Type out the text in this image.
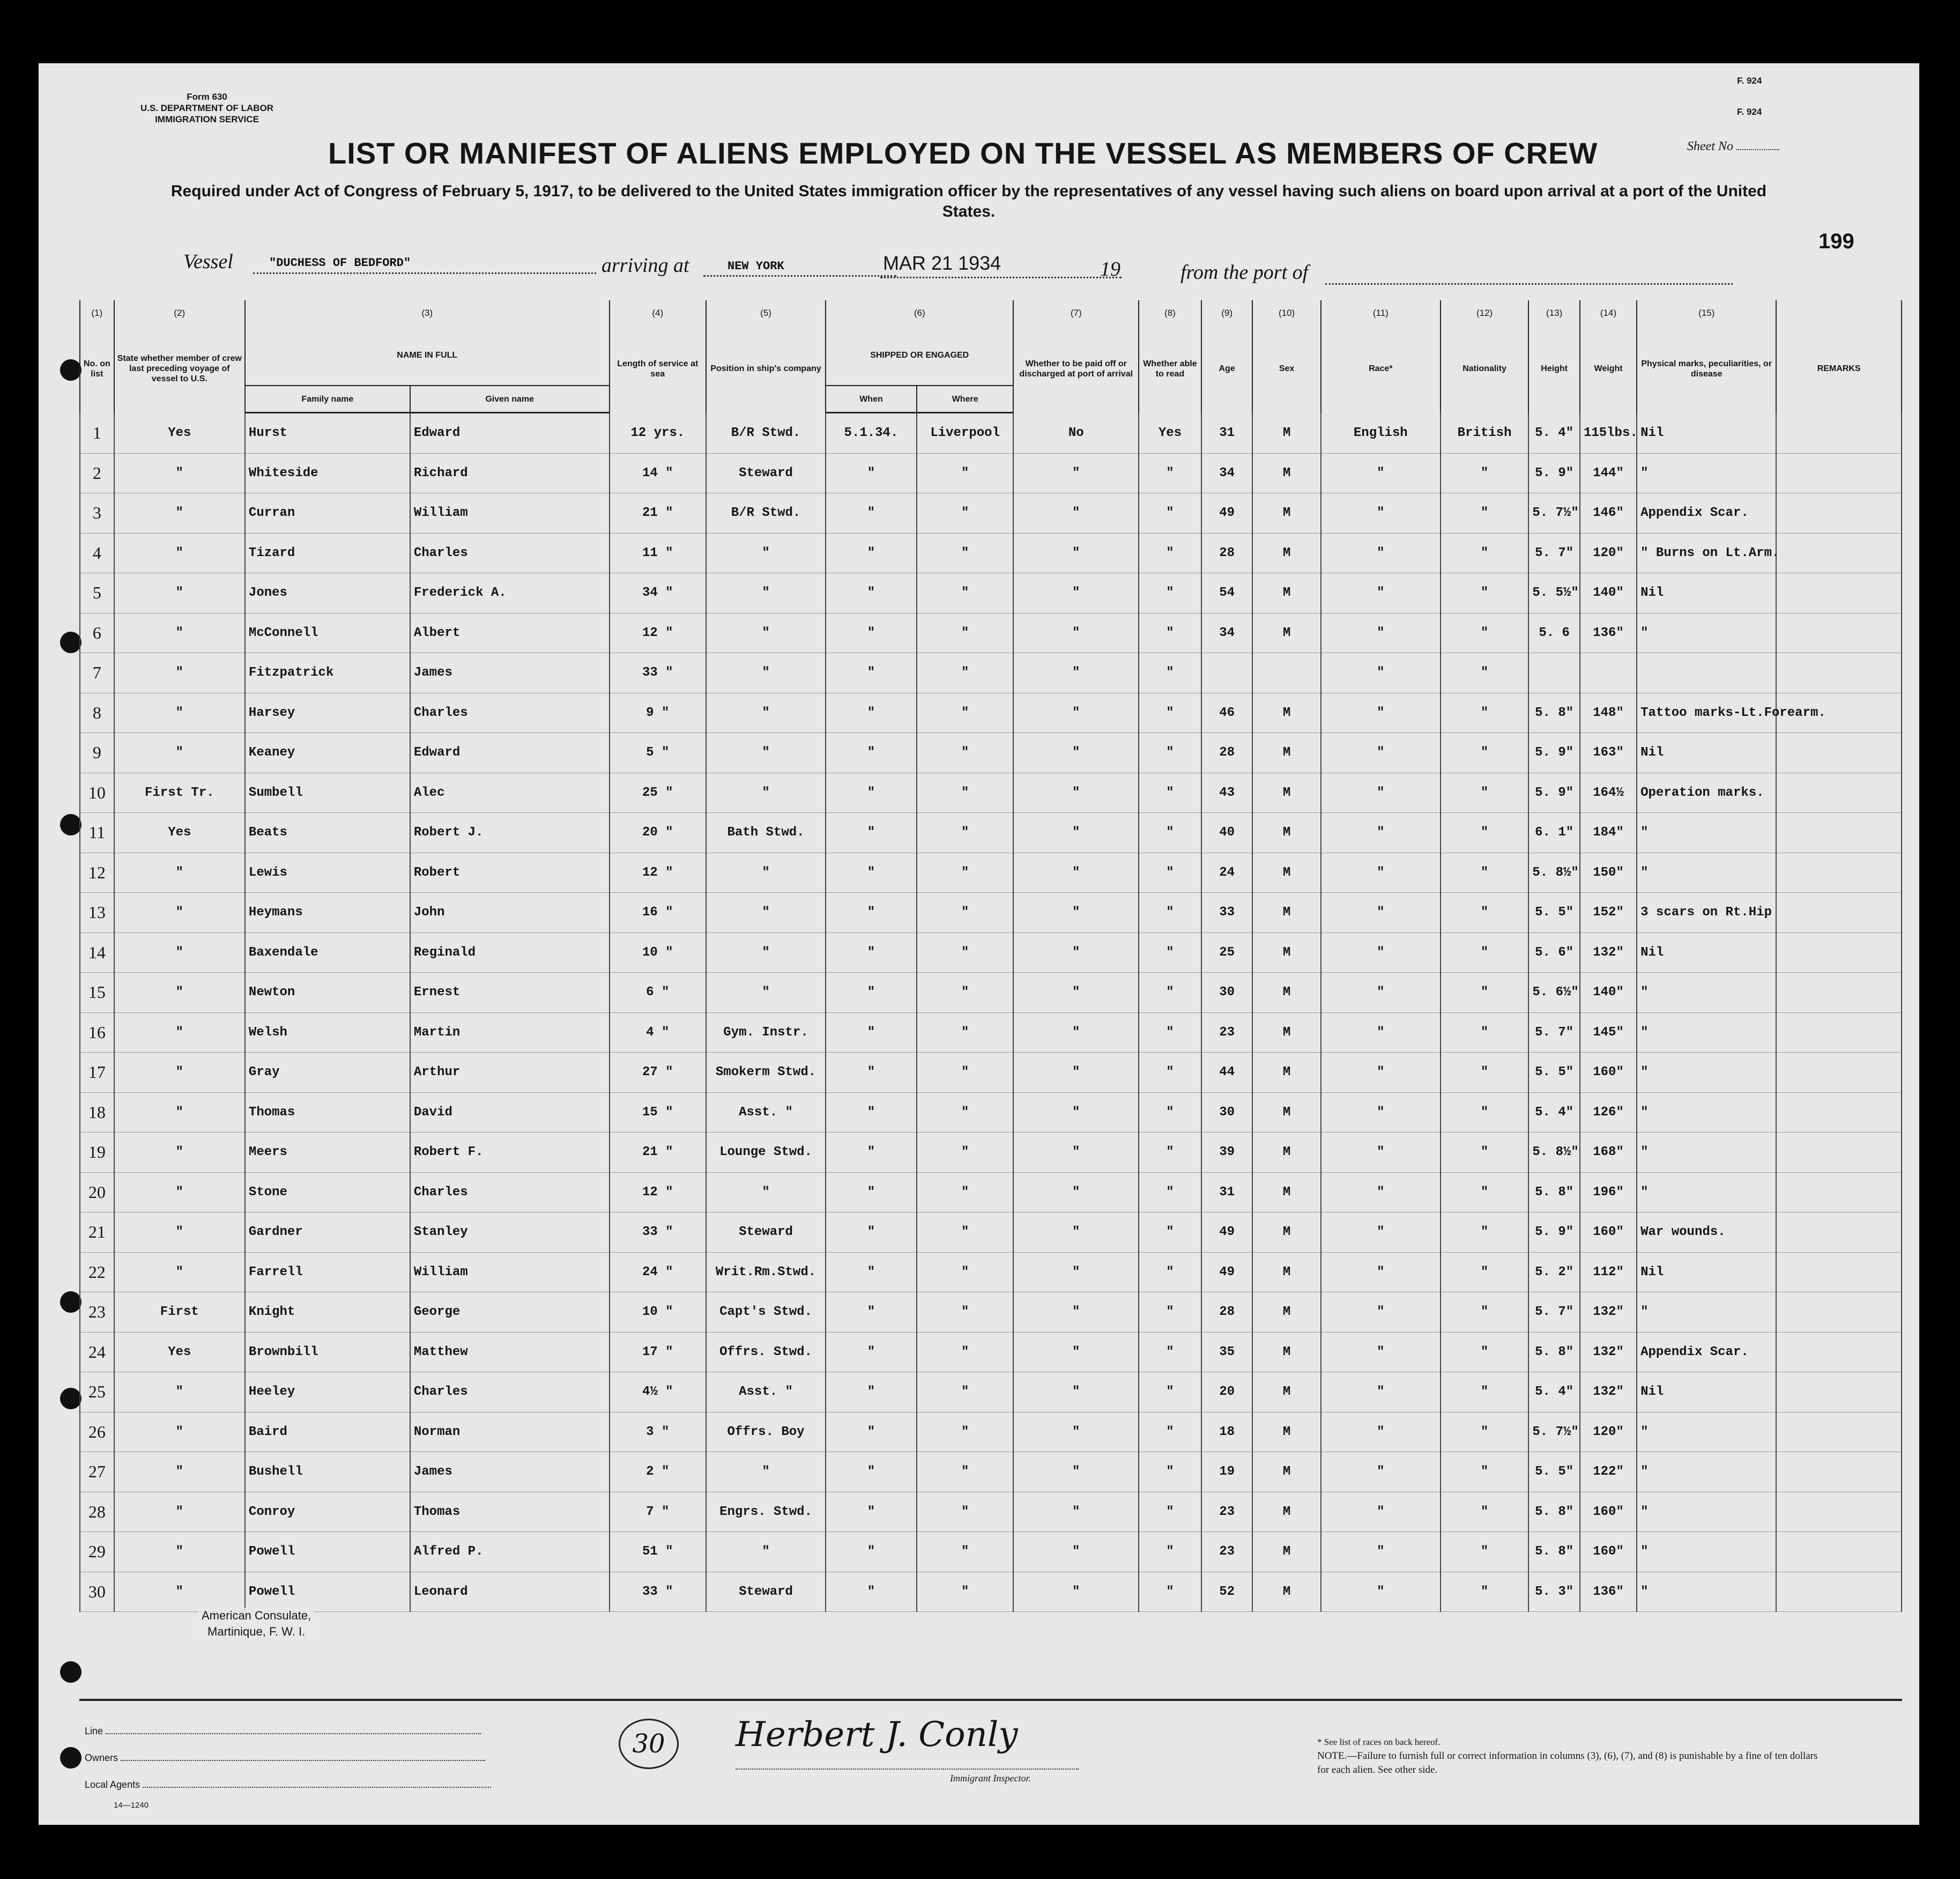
Form 630
U.S. DEPARTMENT OF LABOR
IMMIGRATION SERVICE
F. 924
F. 924
Sheet No
199
LIST OR MANIFEST OF ALIENS EMPLOYED ON THE VESSEL AS MEMBERS OF CREW
Required under Act of Congress of February 5, 1917, to be delivered to the United States immigration officer by the representatives of any vessel having such aliens on board upon arrival at a port of the United States.
Vessel	"DUCHESS OF BEDFORD"	arriving at	NEW YORK	MAR 21 1934	19	from the port of
(1)	(2)	(3)		(4)	(5)	(6)		(7)	(8)	(9)	(10)	(11)	(12)	(13)	(14)	(15)	
No. on list	State whether member of crew last preceding voyage of vessel to U.S.	NAME IN FULL		Length of service at sea	Position in ship's company	SHIPPED OR ENGAGED		Whether to be paid off or discharged at port of arrival	Whether able to read	Age	Sex	Race*	Nationality	Height	Weight	Physical marks, peculiarities, or disease	REMARKS
		Family name	Given name			When	Where										
1	Yes	Hurst	Edward	12 yrs.	B/R Stwd.	5.1.34.	Liverpool	No	Yes	31	M	English	British	5. 4"	115lbs.	Nil	
2	"	Whiteside	Richard	14 "	Steward	"	"	"	"	34	M	"	"	5. 9"	144"	"	
3	"	Curran	William	21 "	B/R Stwd.	"	"	"	"	49	M	"	"	5. 7½"	146"	Appendix Scar.	
4	"	Tizard	Charles	11 "	"	"	"	"	"	28	M	"	"	5. 7"	120"	" Burns on Lt.Arm.	
5	"	Jones	Frederick A.	34 "	"	"	"	"	"	54	M	"	"	5. 5½"	140"	Nil	
6	"	McConnell	Albert	12 "	"	"	"	"	"	34	M	"	"	5. 6	136"	"	
7	"	Fitzpatrick	James	33 "	"	"	"	"	"			"	"				
8	"	Harsey	Charles	9 "	"	"	"	"	"	46	M	"	"	5. 8"	148"	Tattoo marks-Lt.Forearm.	
9	"	Keaney	Edward	5 "	"	"	"	"	"	28	M	"	"	5. 9"	163"	Nil	
10	First Tr.	Sumbell	Alec	25 "	"	"	"	"	"	43	M	"	"	5. 9"	164½	Operation marks.	
11	Yes	Beats	Robert J.	20 "	Bath Stwd.	"	"	"	"	40	M	"	"	6. 1"	184"	"	
12	"	Lewis	Robert	12 "	"	"	"	"	"	24	M	"	"	5. 8½"	150"	"	
13	"	Heymans	John	16 "	"	"	"	"	"	33	M	"	"	5. 5"	152"	3 scars on Rt.Hip	
14	"	Baxendale	Reginald	10 "	"	"	"	"	"	25	M	"	"	5. 6"	132"	Nil	
15	"	Newton	Ernest	6 "	"	"	"	"	"	30	M	"	"	5. 6½"	140"	"	
16	"	Welsh	Martin	4 "	Gym. Instr.	"	"	"	"	23	M	"	"	5. 7"	145"	"	
17	"	Gray	Arthur	27 "	Smokerm Stwd.	"	"	"	"	44	M	"	"	5. 5"	160"	"	
18	"	Thomas	David	15 "	Asst. "	"	"	"	"	30	M	"	"	5. 4"	126"	"	
19	"	Meers	Robert F.	21 "	Lounge Stwd.	"	"	"	"	39	M	"	"	5. 8½"	168"	"	
20	"	Stone	Charles	12 "	"	"	"	"	"	31	M	"	"	5. 8"	196"	"	
21	"	Gardner	Stanley	33 "	Steward	"	"	"	"	49	M	"	"	5. 9"	160"	War wounds.	
22	"	Farrell	William	24 "	Writ.Rm.Stwd.	"	"	"	"	49	M	"	"	5. 2"	112"	Nil	
23	First	Knight	George	10 "	Capt's Stwd.	"	"	"	"	28	M	"	"	5. 7"	132"	"	
24	Yes	Brownbill	Matthew	17 "	Offrs. Stwd.	"	"	"	"	35	M	"	"	5. 8"	132"	Appendix Scar.	
25	"	Heeley	Charles	4½ "	Asst. "	"	"	"	"	20	M	"	"	5. 4"	132"	Nil	
26	"	Baird	Norman	3 "	Offrs. Boy	"	"	"	"	18	M	"	"	5. 7½"	120"	"	
27	"	Bushell	James	2 "	"	"	"	"	"	19	M	"	"	5. 5"	122"	"	
28	"	Conroy	Thomas	7 "	Engrs. Stwd.	"	"	"	"	23	M	"	"	5. 8"	160"	"	
29	"	Powell	Alfred P.	51 "	"	"	"	"	"	23	M	"	"	5. 8"	160"	"	
30	"	Powell	Leonard	33 "	Steward	"	"	"	"	52	M	"	"	5. 3"	136"	"	
American Consulate,
Martinique, F. W. I.
Line
Owners
Local Agents
14—1240
30 Herbert J. Conly
Immigrant Inspector.
* See list of races on back hereof.
NOTE.—Failure to furnish full or correct information in columns (3), (6), (7), and (8) is punishable by a fine of ten dollars for each alien. See other side.
